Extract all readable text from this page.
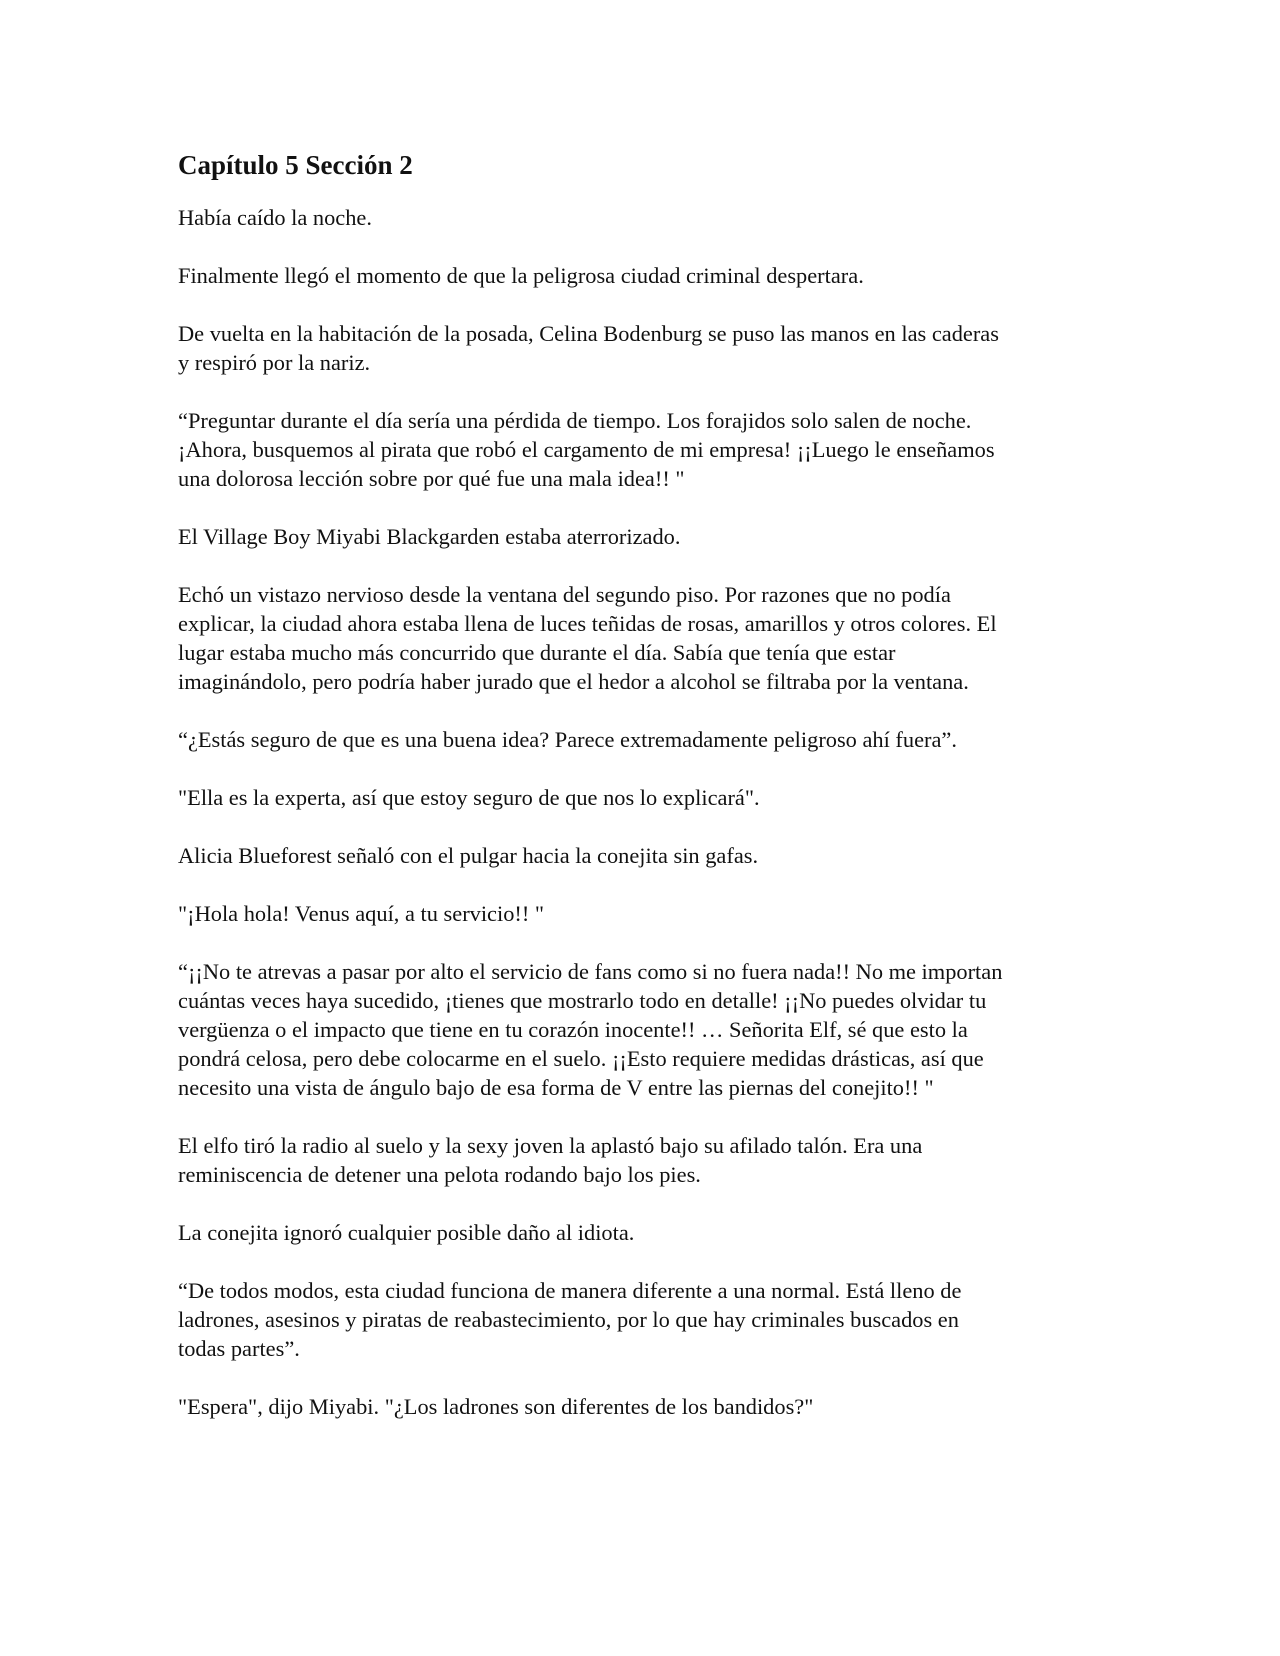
Capítulo 5 Sección 2
Había caído la noche.
Finalmente llegó el momento de que la peligrosa ciudad criminal despertara.
De vuelta en la habitación de la posada, Celina Bodenburg se puso las manos en las caderas
y respiró por la nariz.
“Preguntar durante el día sería una pérdida de tiempo. Los forajidos solo salen de noche.
¡Ahora, busquemos al pirata que robó el cargamento de mi empresa! ¡¡Luego le enseñamos
una dolorosa lección sobre por qué fue una mala idea!! "
El Village Boy Miyabi Blackgarden estaba aterrorizado.
Echó un vistazo nervioso desde la ventana del segundo piso. Por razones que no podía
explicar, la ciudad ahora estaba llena de luces teñidas de rosas, amarillos y otros colores. El
lugar estaba mucho más concurrido que durante el día. Sabía que tenía que estar
imaginándolo, pero podría haber jurado que el hedor a alcohol se filtraba por la ventana.
“¿Estás seguro de que es una buena idea? Parece extremadamente peligroso ahí fuera”.
"Ella es la experta, así que estoy seguro de que nos lo explicará".
Alicia Blueforest señaló con el pulgar hacia la conejita sin gafas.
"¡Hola hola! Venus aquí, a tu servicio!! "
“¡¡No te atrevas a pasar por alto el servicio de fans como si no fuera nada!! No me importan
cuántas veces haya sucedido, ¡tienes que mostrarlo todo en detalle! ¡¡No puedes olvidar tu
vergüenza o el impacto que tiene en tu corazón inocente!! … Señorita Elf, sé que esto la
pondrá celosa, pero debe colocarme en el suelo. ¡¡Esto requiere medidas drásticas, así que
necesito una vista de ángulo bajo de esa forma de V entre las piernas del conejito!! "
El elfo tiró la radio al suelo y la sexy joven la aplastó bajo su afilado talón. Era una
reminiscencia de detener una pelota rodando bajo los pies.
La conejita ignoró cualquier posible daño al idiota.
“De todos modos, esta ciudad funciona de manera diferente a una normal. Está lleno de
ladrones, asesinos y piratas de reabastecimiento, por lo que hay criminales buscados en
todas partes”.
"Espera", dijo Miyabi. "¿Los ladrones son diferentes de los bandidos?"
